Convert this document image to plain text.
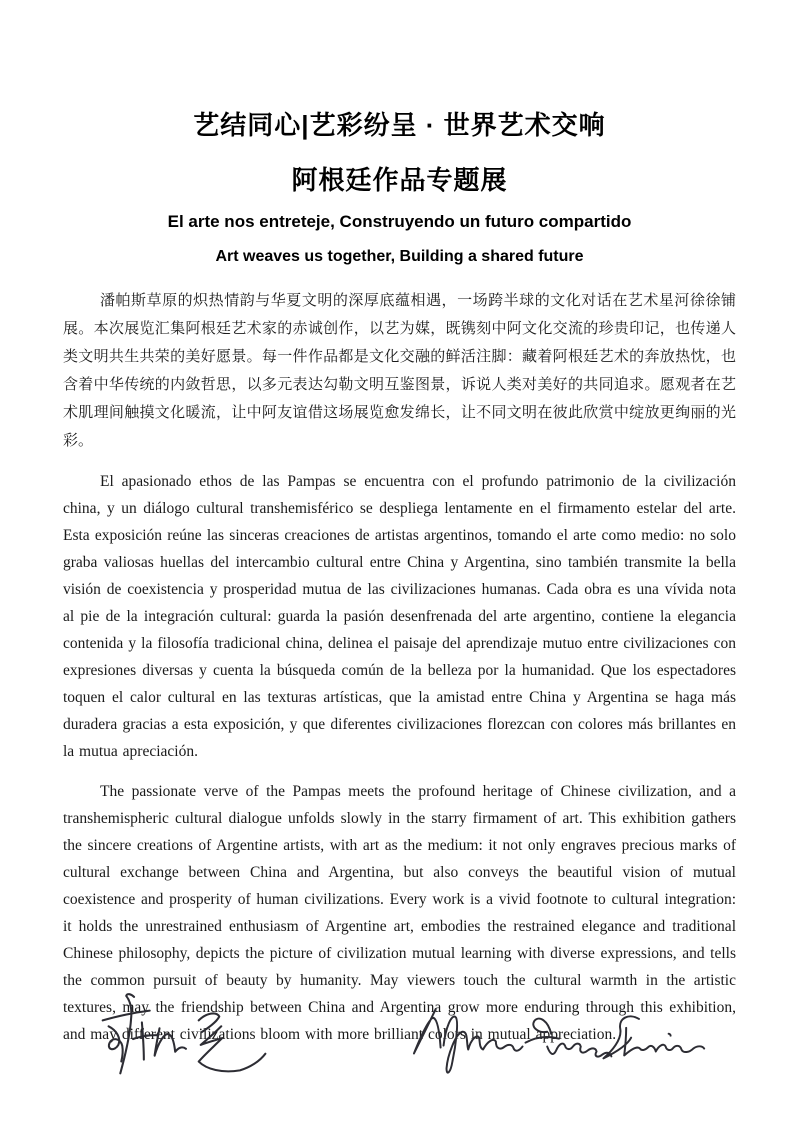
艺结同心|艺彩纷呈 · 世界艺术交响
阿根廷作品专题展
El arte nos entreteje, Construyendo un futuro compartido
Art weaves us together, Building a shared future

潘帕斯草原的炽热情韵与华夏文明的深厚底蕴相遇，一场跨半球的文化对话在艺术星河徐徐铺展。本次展览汇集阿根廷艺术家的赤诚创作，以艺为媒，既镌刻中阿文化交流的珍贵印记，也传递人类文明共生共荣的美好愿景。每一件作品都是文化交融的鲜活注脚：藏着阿根廷艺术的奔放热忱，也含着中华传统的内敛哲思，以多元表达勾勒文明互鉴图景，诉说人类对美好的共同追求。愿观者在艺术肌理间触摸文化暖流，让中阿友谊借这场展览愈发绵长，让不同文明在彼此欣赏中绽放更绚丽的光彩。

El apasionado ethos de las Pampas se encuentra con el profundo patrimonio de la civilización china, y un diálogo cultural transhemisférico se despliega lentamente en el firmamento estelar del arte. Esta exposición reúne las sinceras creaciones de artistas argentinos, tomando el arte como medio: no solo graba valiosas huellas del intercambio cultural entre China y Argentina, sino también transmite la bella visión de coexistencia y prosperidad mutua de las civilizaciones humanas. Cada obra es una vívida nota al pie de la integración cultural: guarda la pasión desenfrenada del arte argentino, contiene la elegancia contenida y la filosofía tradicional china, delinea el paisaje del aprendizaje mutuo entre civilizaciones con expresiones diversas y cuenta la búsqueda común de la belleza por la humanidad. Que los espectadores toquen el calor cultural en las texturas artísticas, que la amistad entre China y Argentina se haga más duradera gracias a esta exposición, y que diferentes civilizaciones florezcan con colores más brillantes en la mutua apreciación.

The passionate verve of the Pampas meets the profound heritage of Chinese civilization, and a transhemispheric cultural dialogue unfolds slowly in the starry firmament of art. This exhibition gathers the sincere creations of Argentine artists, with art as the medium: it not only engraves precious marks of cultural exchange between China and Argentina, but also conveys the beautiful vision of mutual coexistence and prosperity of human civilizations. Every work is a vivid footnote to cultural integration: it holds the unrestrained enthusiasm of Argentine art, embodies the restrained elegance and traditional Chinese philosophy, depicts the picture of civilization mutual learning with diverse expressions, and tells the common pursuit of beauty by humanity. May viewers touch the cultural warmth in the artistic textures, may the friendship between China and Argentina grow more enduring through this exhibition, and may different civilizations bloom with more brilliant colors in mutual appreciation.
